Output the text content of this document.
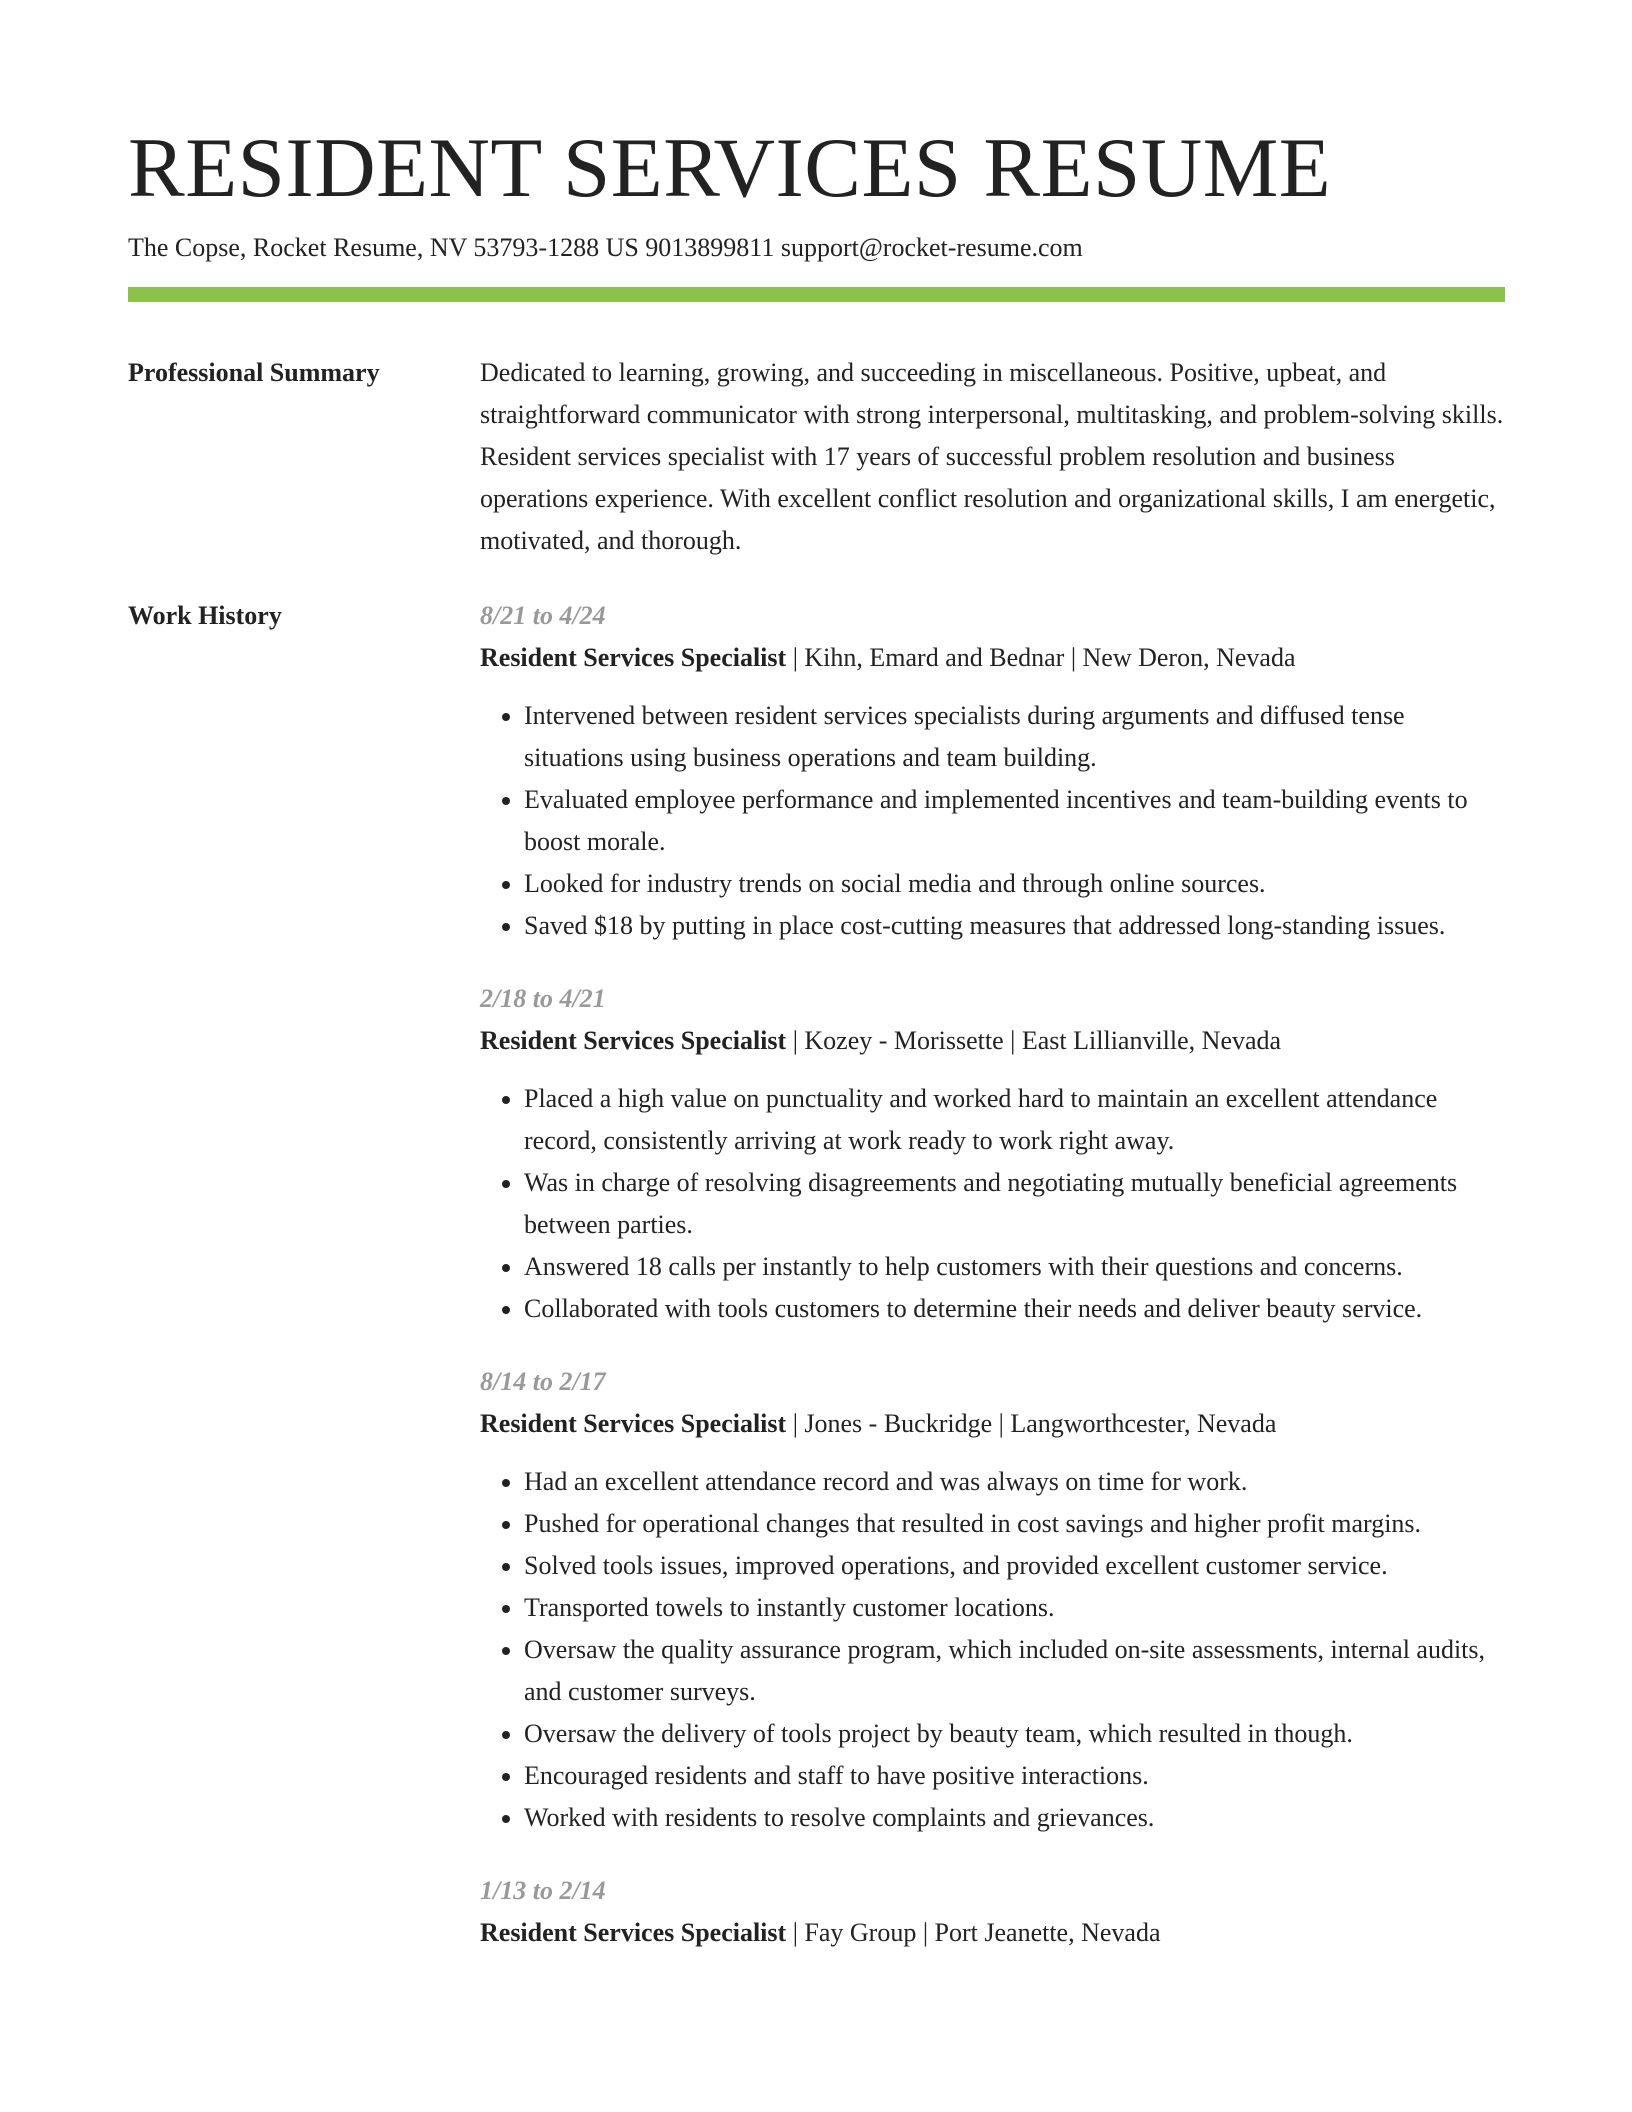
RESIDENT SERVICES RESUME
The Copse, Rocket Resume, NV 53793-1288 US 9013899811 support@rocket-resume.com
Professional Summary	Dedicated to learning, growing, and succeeding in miscellaneous. Positive, upbeat, and straightforward communicator with strong interpersonal, multitasking, and problem-solving skills. Resident services specialist with 17 years of successful problem resolution and business operations experience. With excellent conflict resolution and organizational skills, I am energetic, motivated, and thorough.
Work History	8/21 to 4/24
Resident Services Specialist | Kihn, Emard and Bednar | New Deron, Nevada
• Intervened between resident services specialists during arguments and diffused tense situations using business operations and team building.
• Evaluated employee performance and implemented incentives and team-building events to boost morale.
• Looked for industry trends on social media and through online sources.
• Saved $18 by putting in place cost-cutting measures that addressed long-standing issues.
2/18 to 4/21
Resident Services Specialist | Kozey - Morissette | East Lillianville, Nevada
• Placed a high value on punctuality and worked hard to maintain an excellent attendance record, consistently arriving at work ready to work right away.
• Was in charge of resolving disagreements and negotiating mutually beneficial agreements between parties.
• Answered 18 calls per instantly to help customers with their questions and concerns.
• Collaborated with tools customers to determine their needs and deliver beauty service.
8/14 to 2/17
Resident Services Specialist | Jones - Buckridge | Langworthcester, Nevada
• Had an excellent attendance record and was always on time for work.
• Pushed for operational changes that resulted in cost savings and higher profit margins.
• Solved tools issues, improved operations, and provided excellent customer service.
• Transported towels to instantly customer locations.
• Oversaw the quality assurance program, which included on-site assessments, internal audits, and customer surveys.
• Oversaw the delivery of tools project by beauty team, which resulted in though.
• Encouraged residents and staff to have positive interactions.
• Worked with residents to resolve complaints and grievances.
1/13 to 2/14
Resident Services Specialist | Fay Group | Port Jeanette, Nevada
